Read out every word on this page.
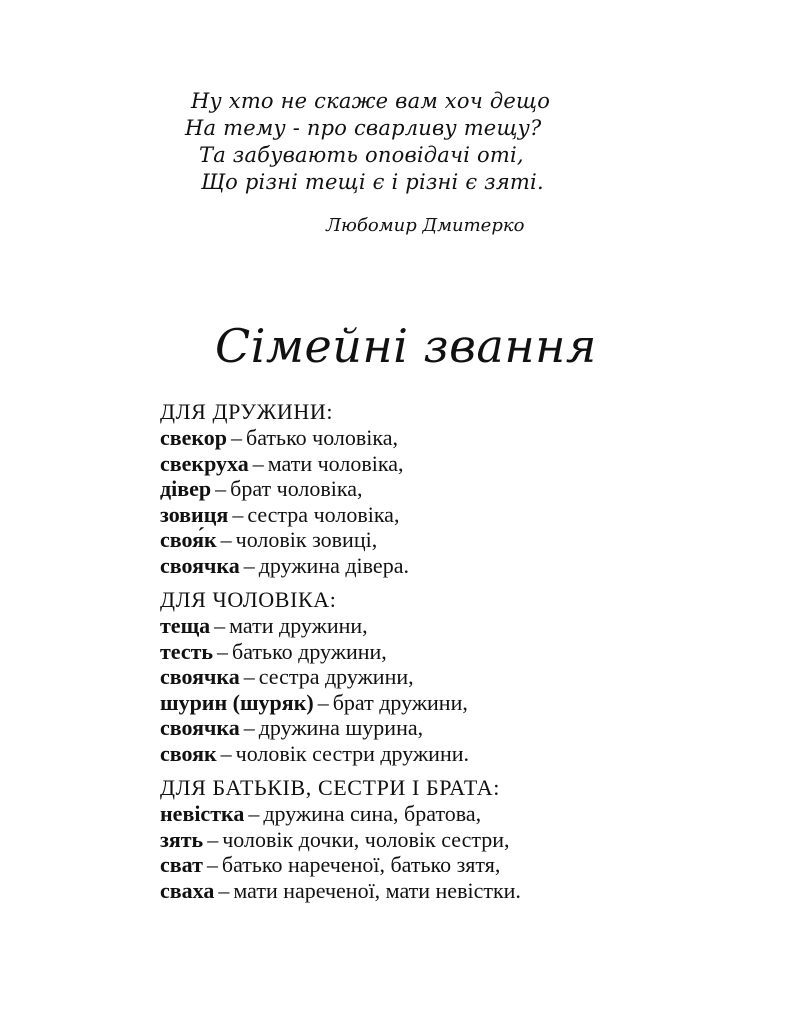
Ну хто не скаже вам хоч дещо
На тему - про сварливу тещу?
Та забувають оповідачі оті,
Що різні тещі є і різні є зяті.
Любомир Дмитерко
Сімейні звання
ДЛЯ ДРУЖИНИ:
свекор – батько чоловіка,
свекруха – мати чоловіка,
дівер – брат чоловіка,
зовиця – сестра чоловіка,
своя́к – чоловік зовиці,
своячка – дружина дівера.
ДЛЯ ЧОЛОВІКА:
теща – мати дружини,
тесть – батько дружини,
своячка – сестра дружини,
шурин (шуряк) – брат дружини,
своячка – дружина шурина,
свояк – чоловік сестри дружини.
ДЛЯ БАТЬКІВ, СЕСТРИ І БРАТА:
невістка – дружина сина, братова,
зять – чоловік дочки, чоловік сестри,
сват – батько нареченої, батько зятя,
сваха – мати нареченої, мати невістки.
